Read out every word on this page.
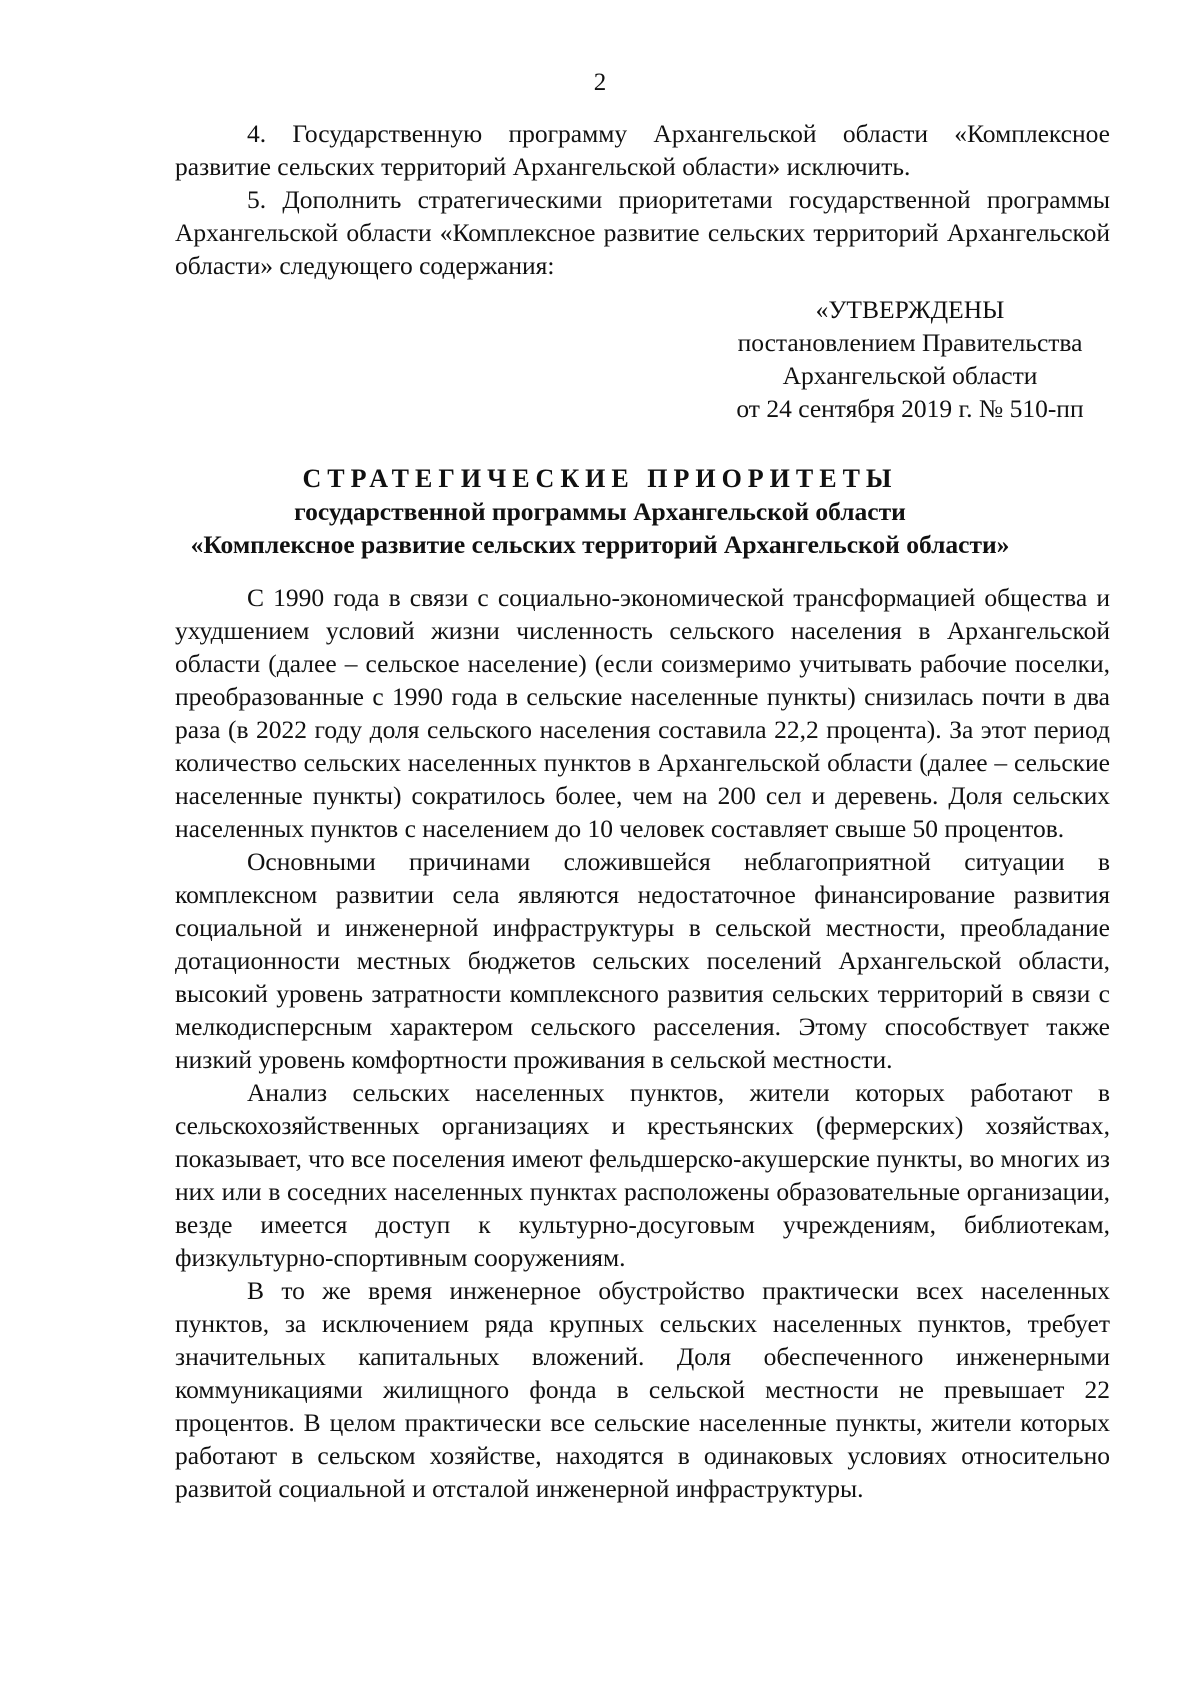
2

4. Государственную программу Архангельской области «Комплексное развитие сельских территорий Архангельской области» исключить.

5. Дополнить стратегическими приоритетами государственной программы Архангельской области «Комплексное развитие сельских территорий Архангельской области» следующего содержания:

«УТВЕРЖДЕНЫ
постановлением Правительства
Архангельской области
от 24 сентября 2019 г. № 510-пп
СТРАТЕГИЧЕСКИЕ ПРИОРИТЕТЫ
государственной программы Архангельской области
«Комплексное развитие сельских территорий Архангельской области»

С 1990 года в связи с социально-экономической трансформацией общества и ухудшением условий жизни численность сельского населения в Архангельской области (далее – сельское население) (если соизмеримо учитывать рабочие поселки, преобразованные с 1990 года в сельские населенные пункты) снизилась почти в два раза (в 2022 году доля сельского населения составила 22,2 процента). За этот период количество сельских населенных пунктов в Архангельской области (далее – сельские населенные пункты) сократилось более, чем на 200 сел и деревень. Доля сельских населенных пунктов с населением до 10 человек составляет свыше 50 процентов.

Основными причинами сложившейся неблагоприятной ситуации в комплексном развитии села являются недостаточное финансирование развития социальной и инженерной инфраструктуры в сельской местности, преобладание дотационности местных бюджетов сельских поселений Архангельской области, высокий уровень затратности комплексного развития сельских территорий в связи с мелкодисперсным характером сельского расселения. Этому способствует также низкий уровень комфортности проживания в сельской местности.

Анализ сельских населенных пунктов, жители которых работают в сельскохозяйственных организациях и крестьянских (фермерских) хозяйствах, показывает, что все поселения имеют фельдшерско-акушерские пункты, во многих из них или в соседних населенных пунктах расположены образовательные организации, везде имеется доступ к культурно-досуговым учреждениям, библиотекам, физкультурно-спортивным сооружениям.

В то же время инженерное обустройство практически всех населенных пунктов, за исключением ряда крупных сельских населенных пунктов, требует значительных капитальных вложений. Доля обеспеченного инженерными коммуникациями жилищного фонда в сельской местности не превышает 22 процентов. В целом практически все сельские населенные пункты, жители которых работают в сельском хозяйстве, находятся в одинаковых условиях относительно развитой социальной и отсталой инженерной инфраструктуры.
